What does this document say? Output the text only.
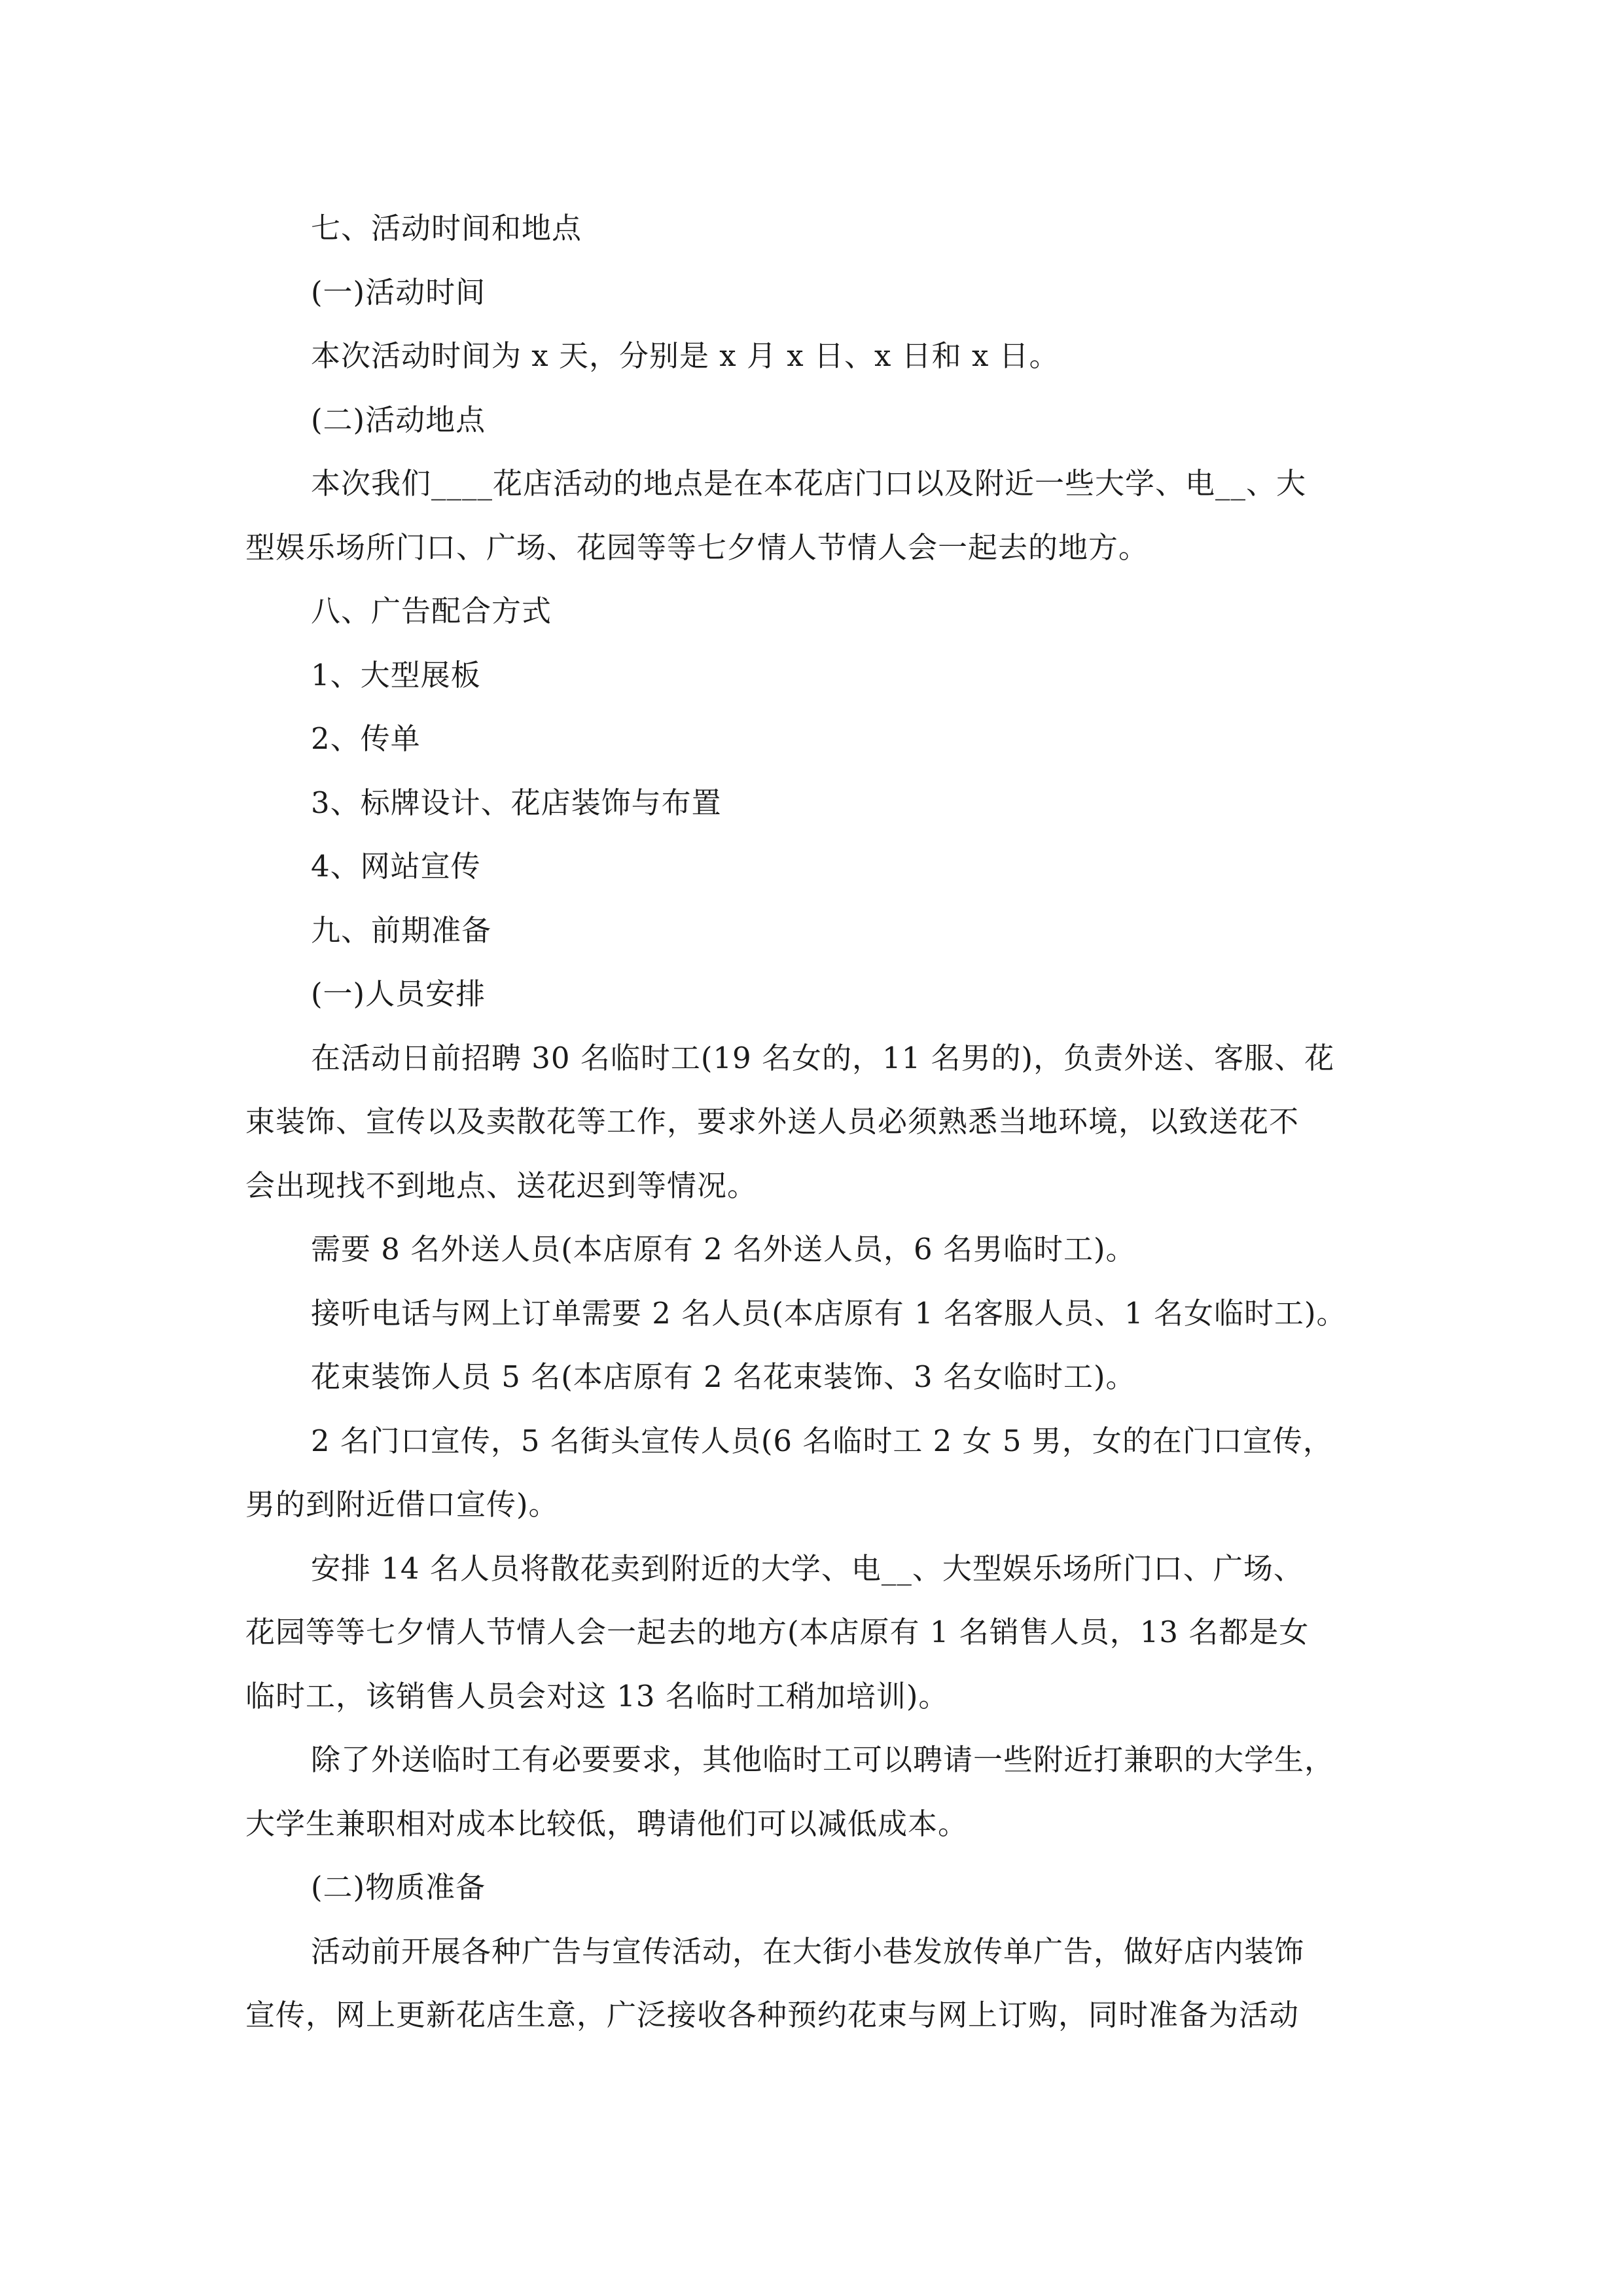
七、活动时间和地点
(一)活动时间
本次活动时间为 x 天，分别是 x 月 x 日、x 日和 x 日。
(二)活动地点
本次我们____花店活动的地点是在本花店门口以及附近一些大学、电__、大
型娱乐场所门口、广场、花园等等七夕情人节情人会一起去的地方。
八、广告配合方式
1、大型展板
2、传单
3、标牌设计、花店装饰与布置
4、网站宣传
九、前期准备
(一)人员安排
在活动日前招聘 30 名临时工(19 名女的，11 名男的)，负责外送、客服、花
束装饰、宣传以及卖散花等工作，要求外送人员必须熟悉当地环境，以致送花不
会出现找不到地点、送花迟到等情况。
需要 8 名外送人员(本店原有 2 名外送人员，6 名男临时工)。
接听电话与网上订单需要 2 名人员(本店原有 1 名客服人员、1 名女临时工)。
花束装饰人员 5 名(本店原有 2 名花束装饰、3 名女临时工)。
2 名门口宣传，5 名街头宣传人员(6 名临时工 2 女 5 男，女的在门口宣传，
男的到附近借口宣传)。
安排 14 名人员将散花卖到附近的大学、电__、大型娱乐场所门口、广场、
花园等等七夕情人节情人会一起去的地方(本店原有 1 名销售人员，13 名都是女
临时工，该销售人员会对这 13 名临时工稍加培训)。
除了外送临时工有必要要求，其他临时工可以聘请一些附近打兼职的大学生，
大学生兼职相对成本比较低，聘请他们可以减低成本。
(二)物质准备
活动前开展各种广告与宣传活动，在大街小巷发放传单广告，做好店内装饰
宣传，网上更新花店生意，广泛接收各种预约花束与网上订购，同时准备为活动
